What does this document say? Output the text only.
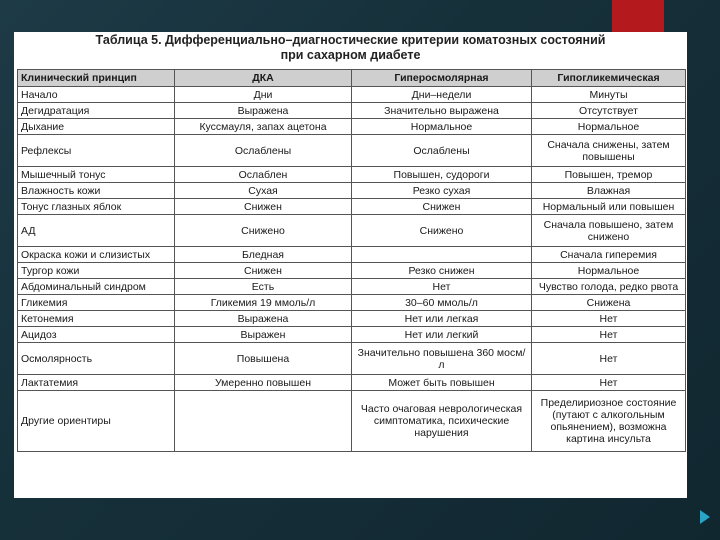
Таблица 5. Дифференциально–диагностические критерии коматозных состояний
при сахарном диабете
Клинический принцип	ДКА	Гиперосмолярная	Гипогликемическая
Начало	Дни	Дни–недели	Минуты
Дегидратация	Выражена	Значительно выражена	Отсутствует
Дыхание	Куссмауля, запах ацетона	Нормальное	Нормальное
Рефлексы	Ослаблены	Ослаблены	Сначала снижены, затем повышены
Мышечный тонус	Ослаблен	Повышен, судороги	Повышен, тремор
Влажность кожи	Сухая	Резко сухая	Влажная
Тонус глазных яблок	Снижен	Снижен	Нормальный или повышен
АД	Снижено	Снижено	Сначала повышено, затем снижено
Окраска кожи и слизистых	Бледная		Сначала гиперемия
Тургор кожи	Снижен	Резко снижен	Нормальное
Абдоминальный синдром	Есть	Нет	Чувство голода, редко рвота
Гликемия	Гликемия 19 ммоль/л	30–60 ммоль/л	Снижена
Кетонемия	Выражена	Нет или легкая	Нет
Ацидоз	Выражен	Нет или легкий	Нет
Осмолярность	Повышена	Значительно повышена 360 мосм/л	Нет
Лактатемия	Умеренно повышен	Может быть повышен	Нет
Другие ориентиры		Часто очаговая неврологическая симптоматика, психические нарушения	Прeделириозное состояние (путают с алкогольным опьянением), возможна картина инсульта
